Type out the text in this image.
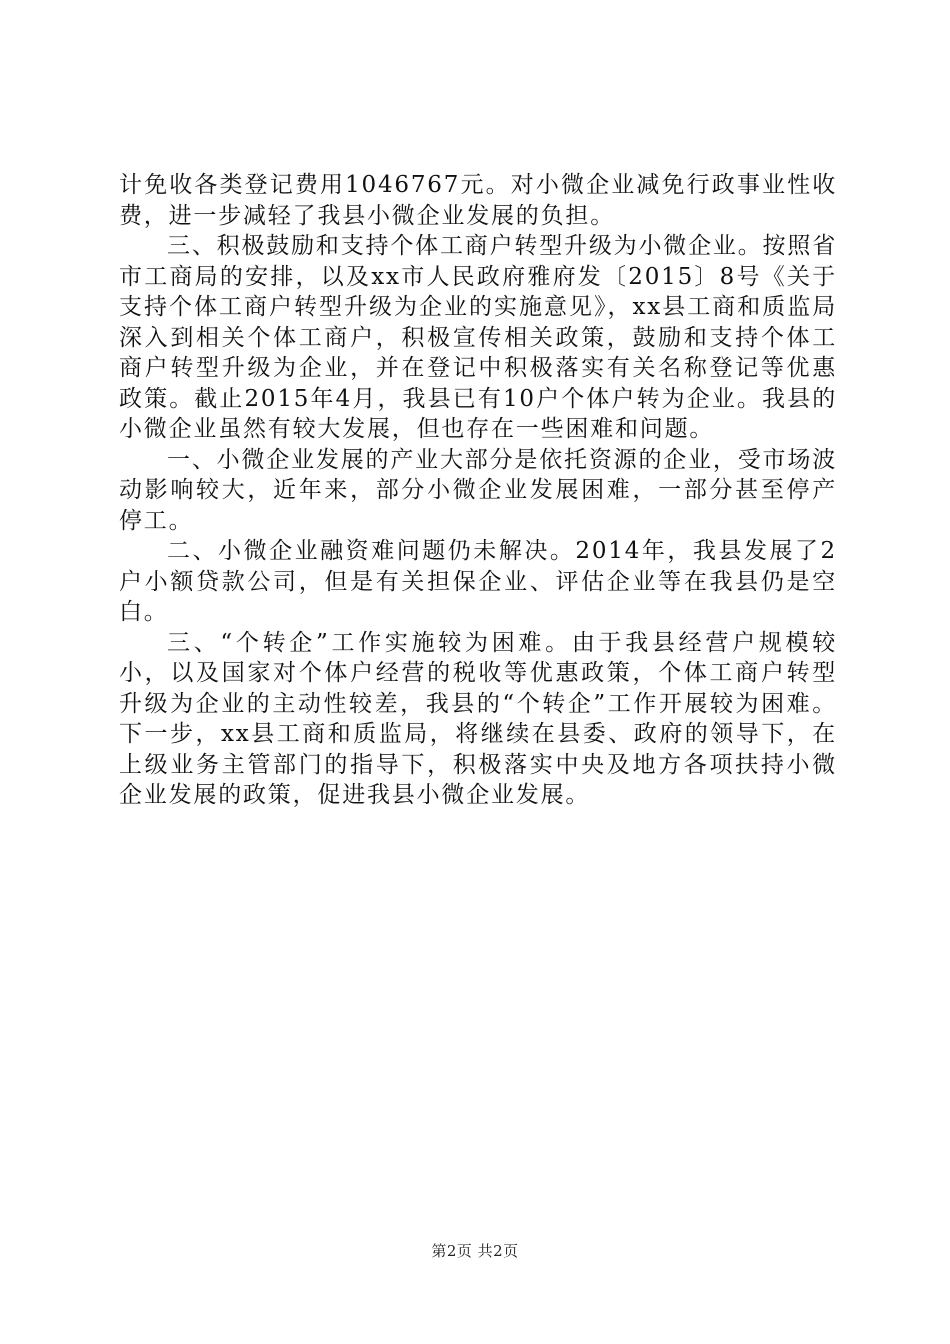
计免收各类登记费用1046767元。对小微企业减免行政事业性收费，进一步减轻了我县小微企业发展的负担。

三、积极鼓励和支持个体工商户转型升级为小微企业。按照省市工商局的安排，以及xx市人民政府雅府发〔2015〕8号《关于支持个体工商户转型升级为企业的实施意见》，xx县工商和质监局深入到相关个体工商户，积极宣传相关政策，鼓励和支持个体工商户转型升级为企业，并在登记中积极落实有关名称登记等优惠政策。截止2015年4月，我县已有10户个体户转为企业。我县的小微企业虽然有较大发展，但也存在一些困难和问题。

一、小微企业发展的产业大部分是依托资源的企业，受市场波动影响较大，近年来，部分小微企业发展困难，一部分甚至停产停工。

二、小微企业融资难问题仍未解决。2014年，我县发展了2户小额贷款公司，但是有关担保企业、评估企业等在我县仍是空白。

三、“个转企”工作实施较为困难。由于我县经营户规模较小，以及国家对个体户经营的税收等优惠政策，个体工商户转型升级为企业的主动性较差，我县的“个转企”工作开展较为困难。下一步，xx县工商和质监局，将继续在县委、政府的领导下，在上级业务主管部门的指导下，积极落实中央及地方各项扶持小微企业发展的政策，促进我县小微企业发展。

第2页 共2页
